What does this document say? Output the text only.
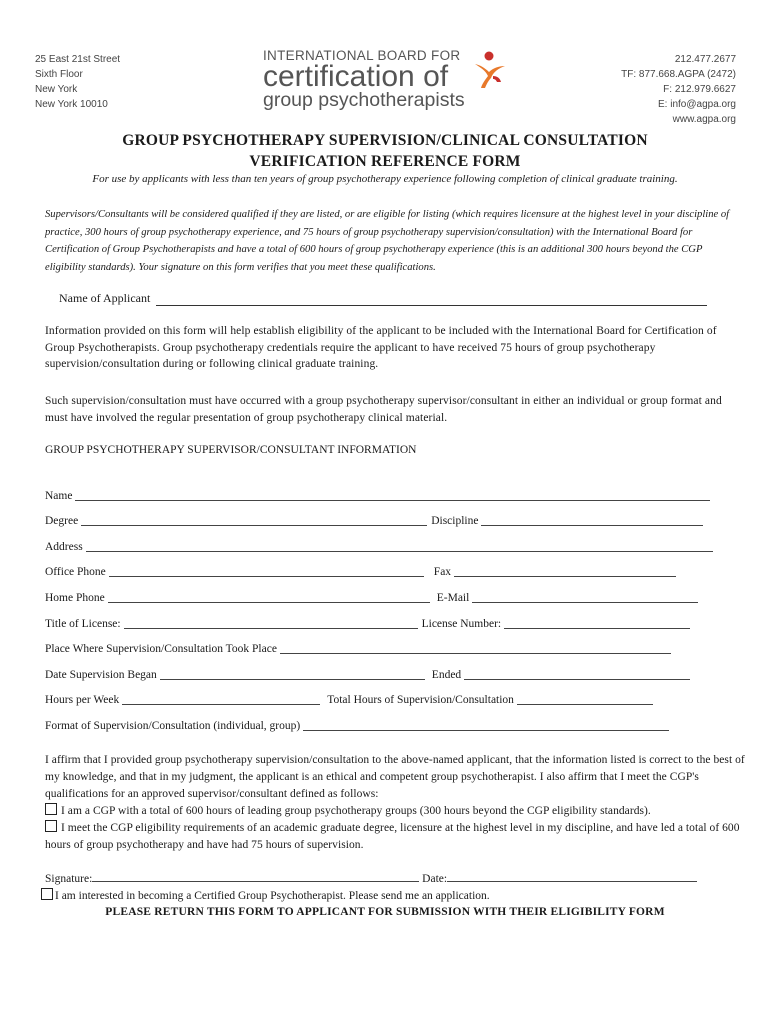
25 East 21st Street
Sixth Floor
New York
New York 10010
INTERNATIONAL BOARD FOR
certification of
group psychotherapists
212.477.2677
TF: 877.668.AGPA (2472)
F: 212.979.6627
E: info@agpa.org
www.agpa.org
GROUP PSYCHOTHERAPY SUPERVISION/CLINICAL CONSULTATION
VERIFICATION REFERENCE FORM
For use by applicants with less than ten years of group psychotherapy experience following completion of clinical graduate training.
Supervisors/Consultants will be considered qualified if they are listed, or are eligible for listing (which requires licensure at the highest level in your discipline of practice, 300 hours of group psychotherapy experience, and 75 hours of group psychotherapy supervision/consultation) with the International Board for Certification of Group Psychotherapists and have a total of 600 hours of group psychotherapy experience (this is an additional 300 hours beyond the CGP eligibility standards). Your signature on this form verifies that you meet these qualifications.
Name of Applicant
Information provided on this form will help establish eligibility of the applicant to be included with the International Board for Certification of Group Psychotherapists. Group psychotherapy credentials require the applicant to have received 75 hours of group psychotherapy supervision/consultation during or following clinical graduate training.
Such supervision/consultation must have occurred with a group psychotherapy supervisor/consultant in either an individual or group format and must have involved the regular presentation of group psychotherapy clinical material.
GROUP PSYCHOTHERAPY SUPERVISOR/CONSULTANT INFORMATION
Name
Degree	Discipline
Address
Office Phone	Fax
Home Phone	E-Mail
Title of License:	License Number:
Place Where Supervision/Consultation Took Place
Date Supervision Began	Ended
Hours per Week	Total Hours of Supervision/Consultation
Format of Supervision/Consultation (individual, group)
I affirm that I provided group psychotherapy supervision/consultation to the above-named applicant, that the information listed is correct to the best of my knowledge, and that in my judgment, the applicant is an ethical and competent group psychotherapist. I also affirm that I meet the CGP's qualifications for an approved supervisor/consultant defined as follows:
I am a CGP with a total of 600 hours of leading group psychotherapy groups (300 hours beyond the CGP eligibility standards).
I meet the CGP eligibility requirements of an academic graduate degree, licensure at the highest level in my discipline, and have led a total of 600 hours of group psychotherapy and have had 75 hours of supervision.
Signature:	Date:
I am interested in becoming a Certified Group Psychotherapist. Please send me an application.
PLEASE RETURN THIS FORM TO APPLICANT FOR SUBMISSION WITH THEIR ELIGIBILITY FORM
